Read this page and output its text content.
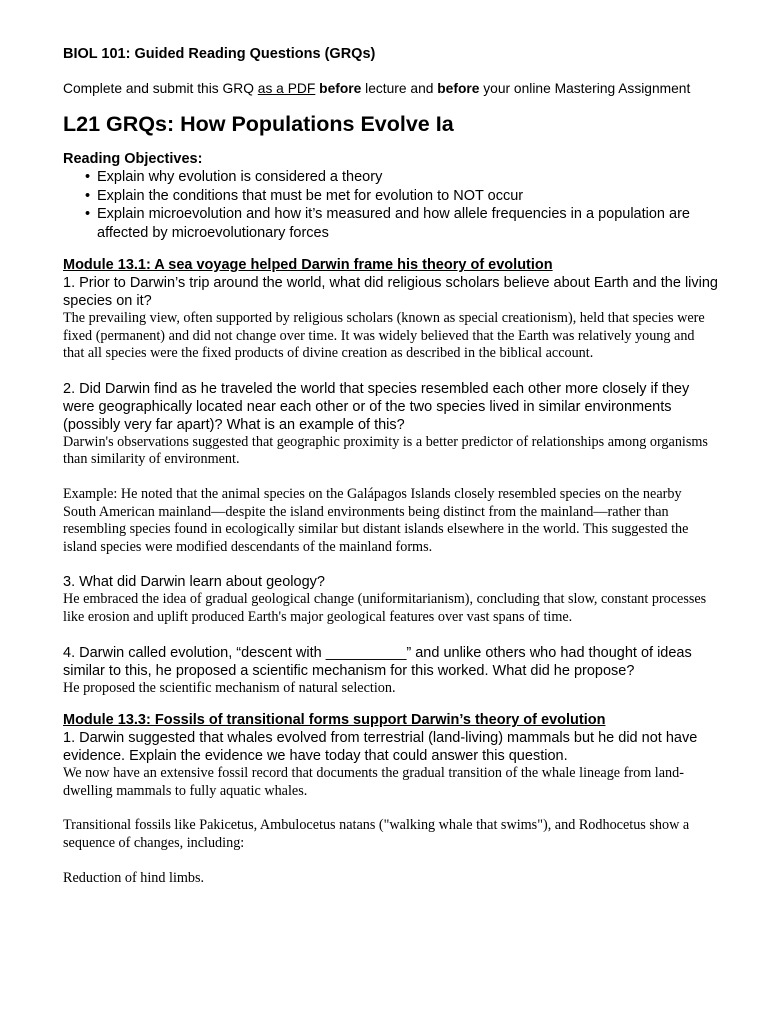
BIOL 101: Guided Reading Questions (GRQs)

Complete and submit this GRQ as a PDF before lecture and before your online Mastering Assignment

L21 GRQs: How Populations Evolve Ia

Reading Objectives:

• Explain why evolution is considered a theory
• Explain the conditions that must be met for evolution to NOT occur
• Explain microevolution and how it’s measured and how allele frequencies in a population are affected by microevolutionary forces

Module 13.1: A sea voyage helped Darwin frame his theory of evolution

1. Prior to Darwin’s trip around the world, what did religious scholars believe about Earth and the living species on it?

The prevailing view, often supported by religious scholars (known as special creationism), held that species were fixed (permanent) and did not change over time. It was widely believed that the Earth was relatively young and that all species were the fixed products of divine creation as described in the biblical account.

2. Did Darwin find as he traveled the world that species resembled each other more closely if they were geographically located near each other or of the two species lived in similar environments (possibly very far apart)? What is an example of this?

Darwin's observations suggested that geographic proximity is a better predictor of relationships among organisms than similarity of environment.

Example: He noted that the animal species on the Galápagos Islands closely resembled species on the nearby South American mainland—despite the island environments being distinct from the mainland—rather than resembling species found in ecologically similar but distant islands elsewhere in the world. This suggested the island species were modified descendants of the mainland forms.

3. What did Darwin learn about geology?

He embraced the idea of gradual geological change (uniformitarianism), concluding that slow, constant processes like erosion and uplift produced Earth's major geological features over vast spans of time.

4. Darwin called evolution, “descent with __________” and unlike others who had thought of ideas similar to this, he proposed a scientific mechanism for this worked. What did he propose?

He proposed the scientific mechanism of natural selection.

Module 13.3: Fossils of transitional forms support Darwin’s theory of evolution

1. Darwin suggested that whales evolved from terrestrial (land-living) mammals but he did not have evidence. Explain the evidence we have today that could answer this question.

We now have an extensive fossil record that documents the gradual transition of the whale lineage from land-dwelling mammals to fully aquatic whales.

Transitional fossils like Pakicetus, Ambulocetus natans ("walking whale that swims"), and Rodhocetus show a sequence of changes, including:

Reduction of hind limbs.
